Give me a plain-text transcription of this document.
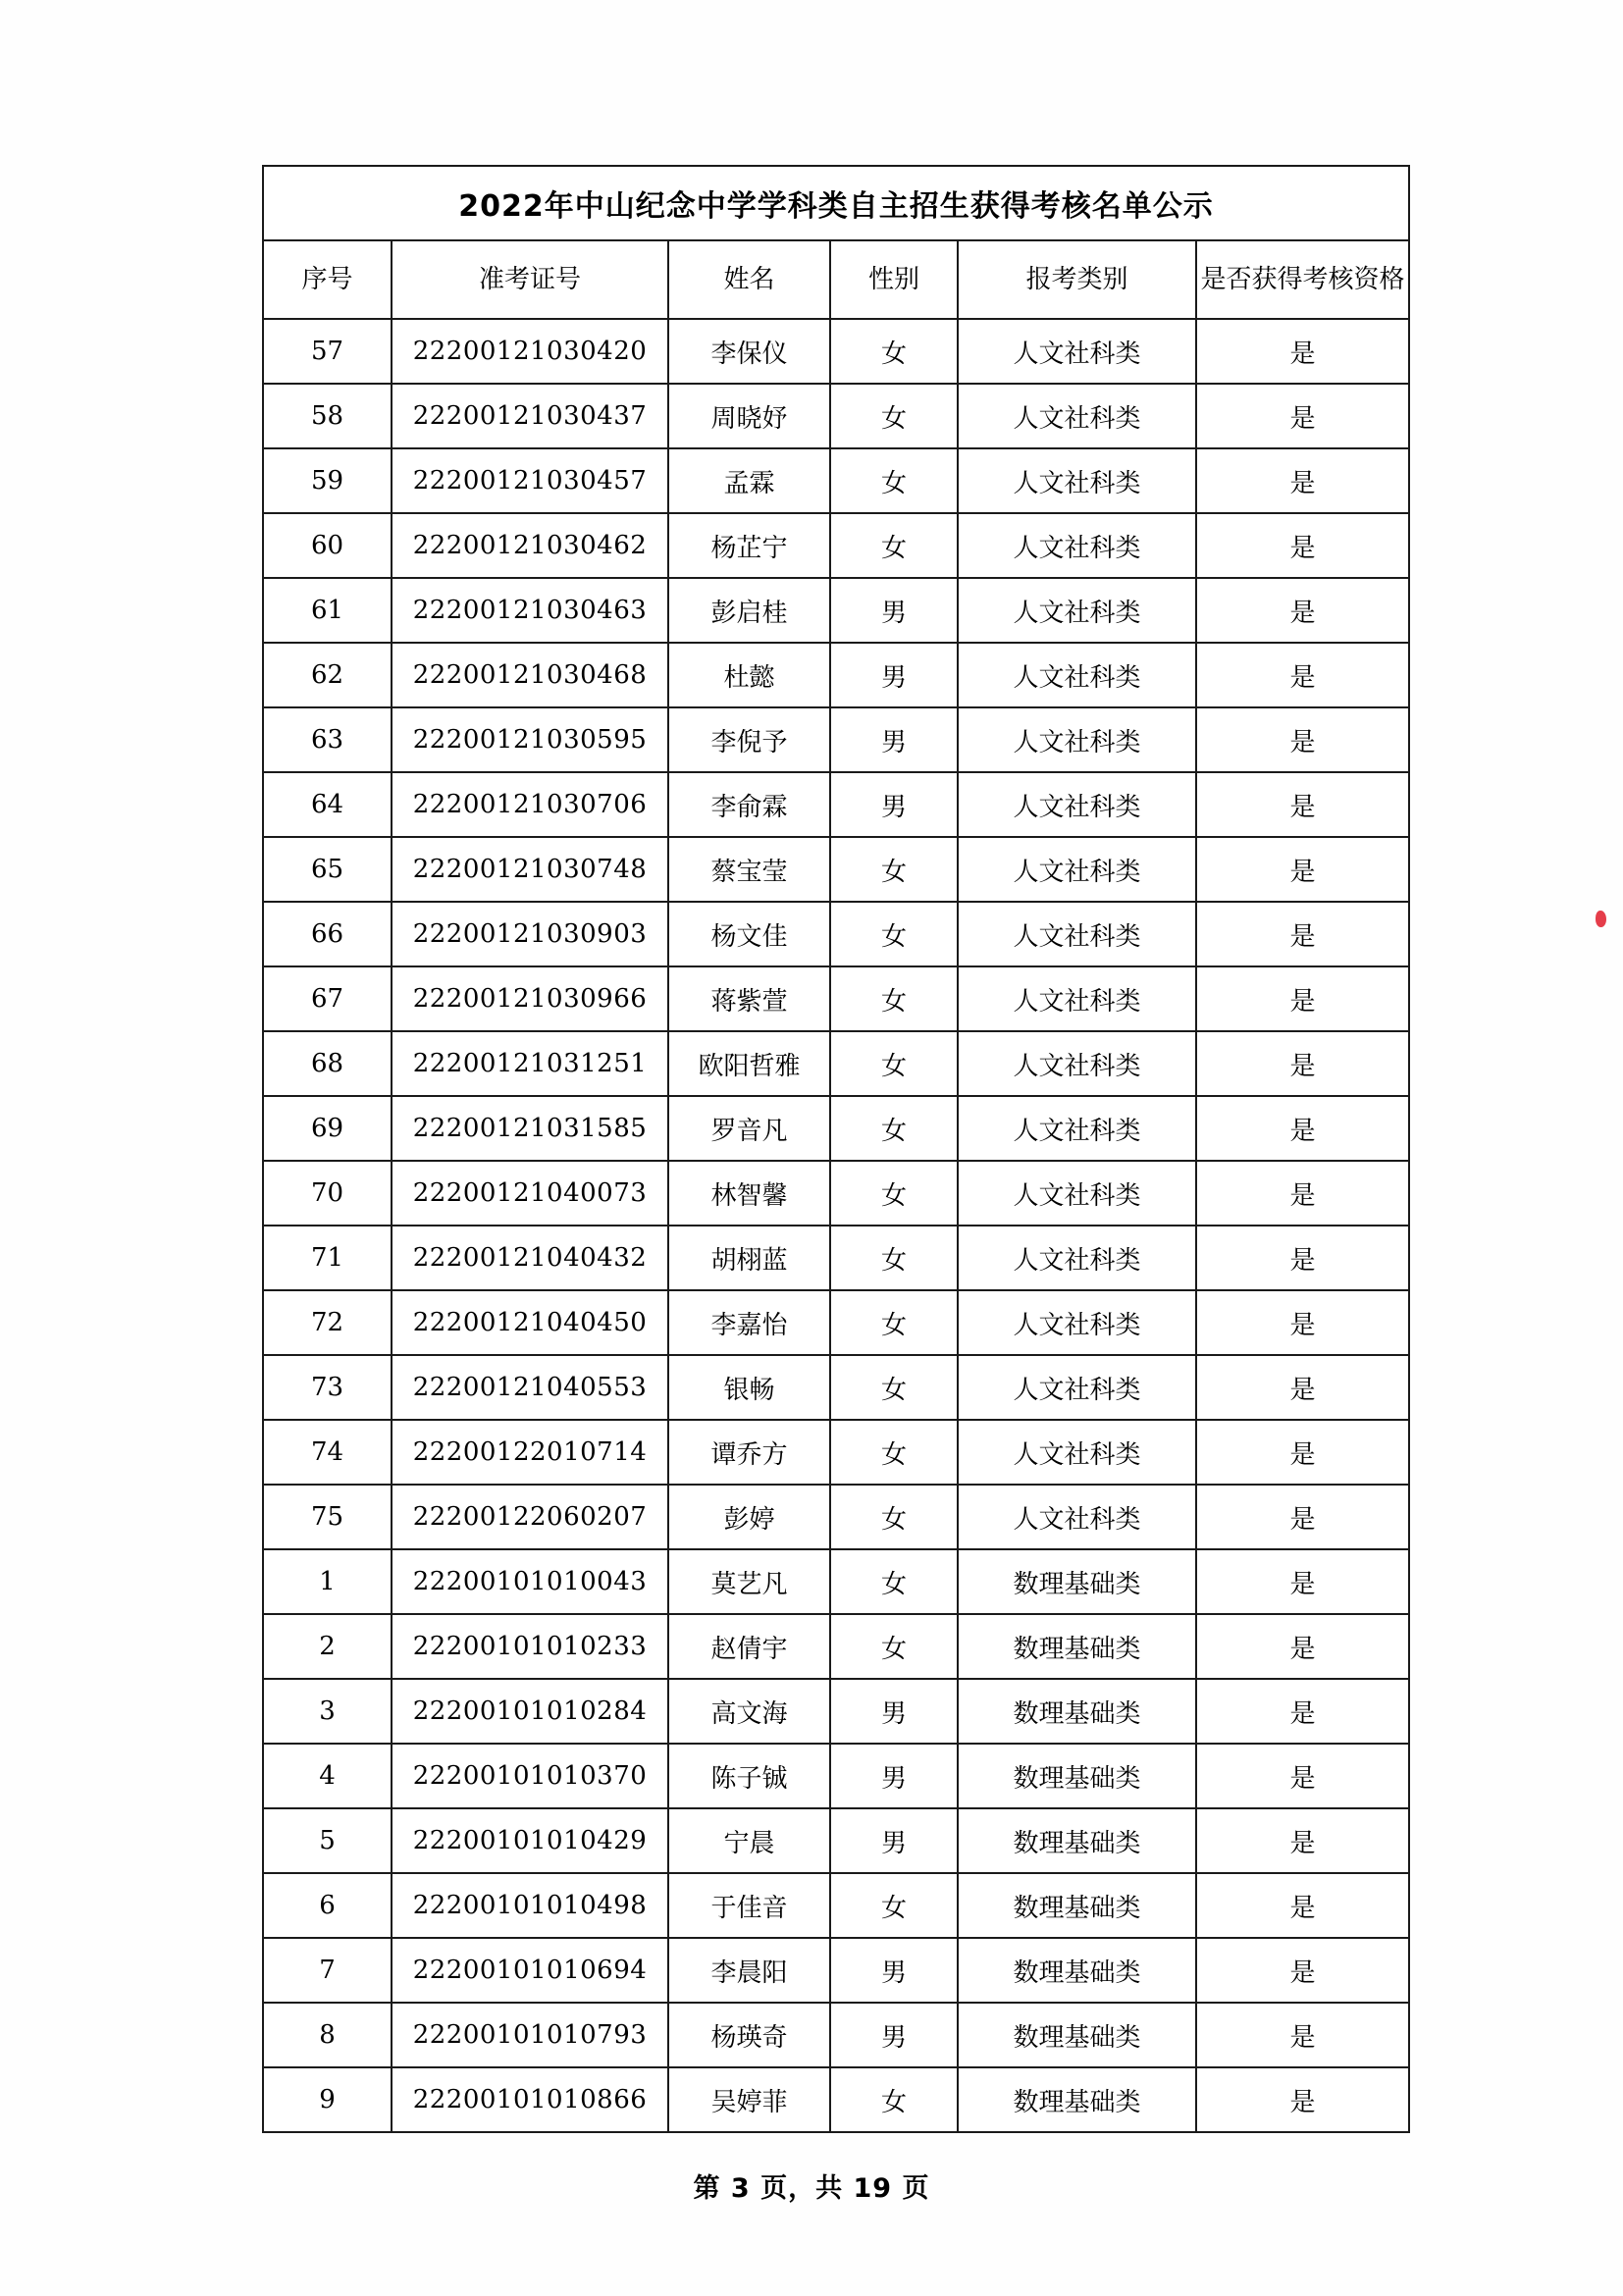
2022年中山纪念中学学科类自主招生获得考核名单公示					
序号	准考证号	姓名	性别	报考类别	是否获得考核资格
57	22200121030420	李保仪	女	人文社科类	是
58	22200121030437	周晓妤	女	人文社科类	是
59	22200121030457	孟霖	女	人文社科类	是
60	22200121030462	杨芷宁	女	人文社科类	是
61	22200121030463	彭启桂	男	人文社科类	是
62	22200121030468	杜懿	男	人文社科类	是
63	22200121030595	李倪予	男	人文社科类	是
64	22200121030706	李俞霖	男	人文社科类	是
65	22200121030748	蔡宝莹	女	人文社科类	是
66	22200121030903	杨文佳	女	人文社科类	是
67	22200121030966	蒋紫萱	女	人文社科类	是
68	22200121031251	欧阳哲雅	女	人文社科类	是
69	22200121031585	罗音凡	女	人文社科类	是
70	22200121040073	林智馨	女	人文社科类	是
71	22200121040432	胡栩蓝	女	人文社科类	是
72	22200121040450	李嘉怡	女	人文社科类	是
73	22200121040553	银畅	女	人文社科类	是
74	22200122010714	谭乔方	女	人文社科类	是
75	22200122060207	彭婷	女	人文社科类	是
1	22200101010043	莫艺凡	女	数理基础类	是
2	22200101010233	赵倩宇	女	数理基础类	是
3	22200101010284	高文海	男	数理基础类	是
4	22200101010370	陈子铖	男	数理基础类	是
5	22200101010429	宁晨	男	数理基础类	是
6	22200101010498	于佳音	女	数理基础类	是
7	22200101010694	李晨阳	男	数理基础类	是
8	22200101010793	杨瑛奇	男	数理基础类	是
9	22200101010866	吴婷菲	女	数理基础类	是
第 3 页，共 19 页
